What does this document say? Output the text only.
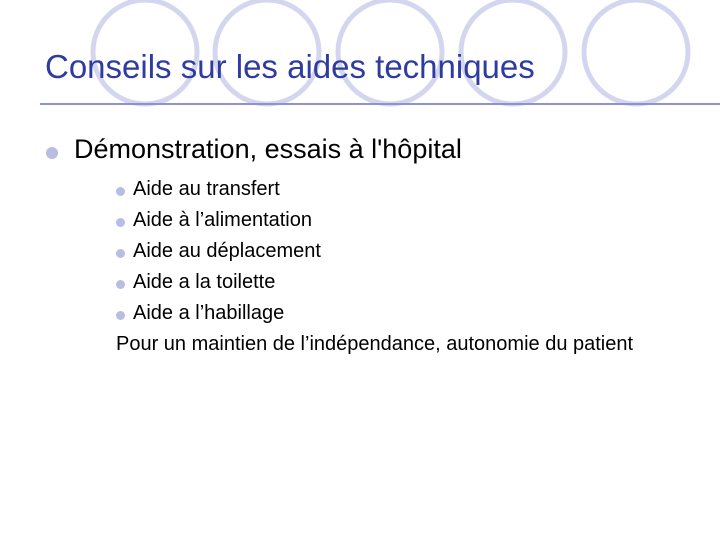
Conseils sur les aides techniques
Démonstration, essais à l'hôpital
Aide au transfert
Aide à l’alimentation
Aide au déplacement
Aide a la toilette
Aide a l’habillage
Pour un maintien de l’indépendance, autonomie du patient
